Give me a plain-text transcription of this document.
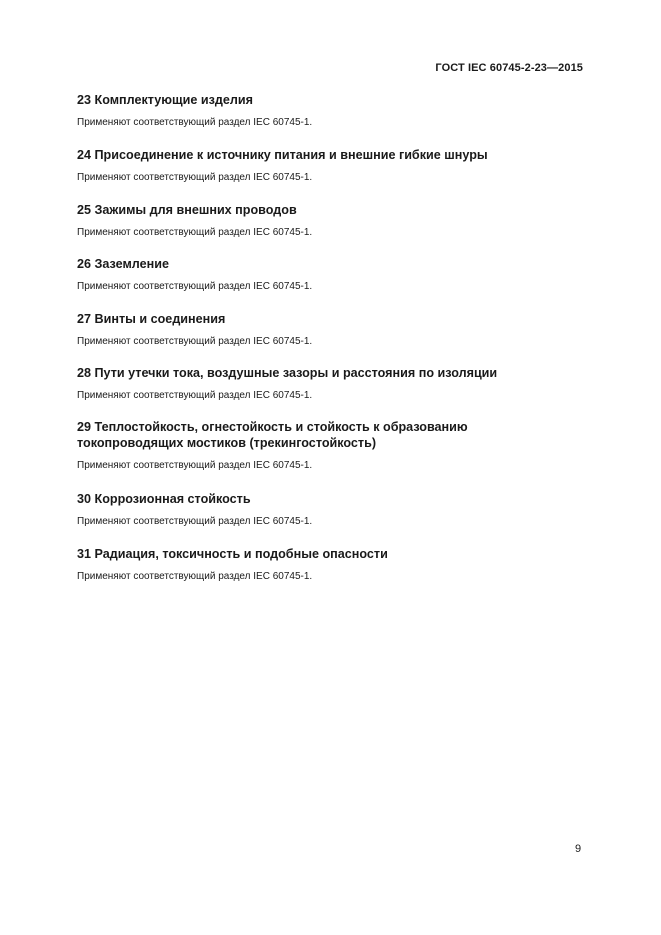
ГОСТ IEC 60745-2-23—2015
23 Комплектующие изделия
Применяют соответствующий раздел IEC 60745-1.
24 Присоединение к источнику питания и внешние гибкие шнуры
Применяют соответствующий раздел IEC 60745-1.
25 Зажимы для внешних проводов
Применяют соответствующий раздел IEC 60745-1.
26 Заземление
Применяют соответствующий раздел IEC 60745-1.
27 Винты и соединения
Применяют соответствующий раздел IEC 60745-1.
28 Пути утечки тока, воздушные зазоры и расстояния по изоляции
Применяют соответствующий раздел IEC 60745-1.
29 Теплостойкость, огнестойкость и стойкость к образованию токопроводящих мостиков (трекингостойкость)
Применяют соответствующий раздел IEC 60745-1.
30 Коррозионная стойкость
Применяют соответствующий раздел IEC 60745-1.
31 Радиация, токсичность и подобные опасности
Применяют соответствующий раздел IEC 60745-1.
9
